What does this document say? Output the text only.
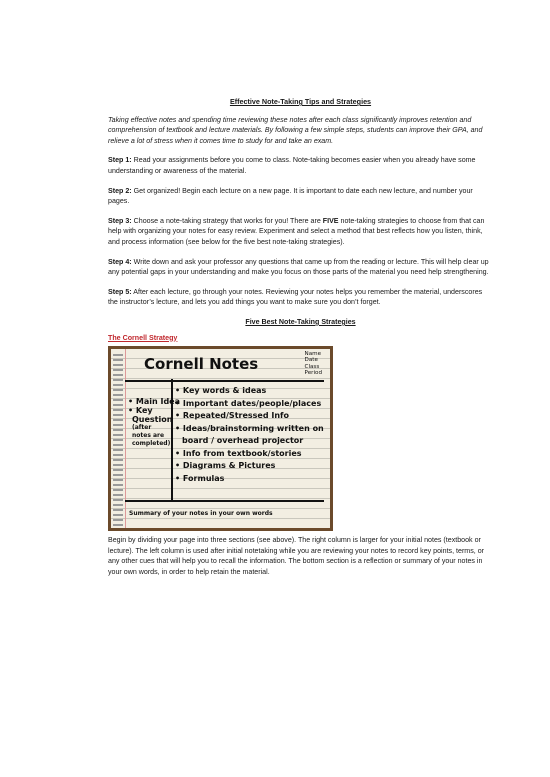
Effective Note-Taking Tips and Strategies

Taking effective notes and spending time reviewing these notes after each class significantly improves retention and comprehension of textbook and lecture materials. By following a few simple steps, students can improve their GPA, and relieve a lot of stress when it comes time to study for and take an exam.

Step 1: Read your assignments before you come to class. Note-taking becomes easier when you already have some understanding or awareness of the material.

Step 2: Get organized! Begin each lecture on a new page. It is important to date each new lecture, and number your pages.

Step 3: Choose a note-taking strategy that works for you! There are FIVE note-taking strategies to choose from that can help with organizing your notes for easy review. Experiment and select a method that best reflects how you listen, think, and process information (see below for the five best note-taking strategies).

Step 4: Write down and ask your professor any questions that came up from the reading or lecture. This will help clear up any potential gaps in your understanding and make you focus on those parts of the material you need help strengthening.

Step 5: After each lecture, go through your notes. Reviewing your notes helps you remember the material, underscores the instructor’s lecture, and lets you add things you want to make sure you don’t forget.

Five Best Note-Taking Strategies

The Cornell Strategy

Cornell Notes
Name
Date
Class
Period
• Main Idea
• Key
Question
(after notes are completed)
• Key words & ideas
• Important dates/people/places
• Repeated/Stressed Info
• Ideas/brainstorming written on
board / overhead projector
• Info from textbook/stories
• Diagrams & Pictures
• Formulas
Summary of your notes in your own words

Begin by dividing your page into three sections (see above). The right column is larger for your initial notes (textbook or lecture). The left column is used after initial notetaking while you are reviewing your notes to record key points, terms, or any other cues that will help you to recall the information. The bottom section is a reflection or summary of your notes in your own words, in order to help retain the material.
